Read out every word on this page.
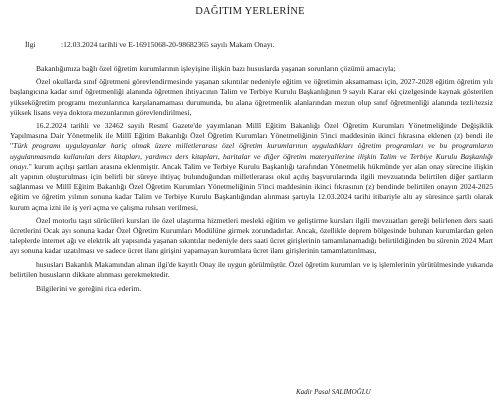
DAĞITIM YERLERİNE
İlgi	:12.03.2024 tarihli ve E-16915068-20-98682365 sayılı Makam Onayı.

Bakanlığımıza bağlı özel öğretim kurumlarının işleyişine ilişkin bazı hususlarda yaşanan sorunların çözümü amacıyla;

Özel okullarda sınıf öğretmeni görevlendirmesinde yaşanan sıkıntılar nedeniyle eğitim ve öğretimin aksamaması için, 2027-2028 eğitim öğretim yılı başlangıcına kadar sınıf öğretmenliği alanında öğretmen ihtiyacının Talim ve Terbiye Kurulu Başkanlığının 9 sayılı Karar eki çizelgesinde kaynak gösterilen yükseköğretim programı mezunlarınca karşılanamaması durumunda, bu alana öğretmenlik alanlarından mezun olup sınıf öğretmenliği alanında tezli/tezsiz yüksek lisans veya doktora mezunlarının görevlendirilmesi,

16.2.2024 tarihli ve 32462 sayılı Resmî Gazete'de yayımlanan Millî Eğitim Bakanlığı Özel Öğretim Kurumları Yönetmeliğinde Değişiklik Yapılmasına Dair Yönetmelik ile Millî Eğitim Bakanlığı Özel Öğretim Kurumları Yönetmeliğinin 5'inci maddesinin ikinci fıkrasına eklenen (z) bendi ile "Türk programı uygulayanlar hariç olmak üzere milletlerarası özel öğretim kurumlarının uyguladıkları öğretim programları ve bu programların uygulanmasında kullanılan ders kitapları, yardımcı ders kitapları, haritalar ve diğer öğretim materyallerine ilişkin Talim ve Terbiye Kurulu Başkanlığı onayı." kurum açılışı şartları arasına eklenmiştir. Ancak Talim ve Terbiye Kurulu Başkanlığı tarafından Yönetmelik hükmünde yer alan onay sürecine ilişkin alt yapının oluşturulması için belirli bir süreye ihtiyaç bulunduğundan milletlerarası okul açılış başvurularında ilgili mevzuatında belirtilen diğer şartların sağlanması ve Millî Eğitim Bakanlığı Özel Öğretim Kurumları Yönetmeliğinin 5'inci maddesinin ikinci fıkrasının (z) bendinde belirtilen onayın 2024-2025 eğitim ve öğretim yılının sonuna kadar Talim ve Terbiye Kurulu Başkanlığından alınması şartıyla 12.03.2024 tarihi itibariyle altı ay süresince şartlı olarak kurum açma izni ile iş yeri açma ve çalışma ruhsatı verilmesi,

Özel motorlu taşıt sürücüleri kursları ile özel ulaştırma hizmetleri mesleki eğitim ve geliştirme kursları ilgili mevzuatları gereği belirlenen ders saati ücretlerini Ocak ayı sonuna kadar Özel Öğretim Kurumları Modülüne girmek zorundadırlar. Ancak, özellikle deprem bölgesinde bulunan kurumlardan gelen taleplerde internet ağı ve elektrik alt yapısında yaşanan sıkıntılar nedeniyle ders saati ücret girişlerinin tamamlanamadığı belirtildiğinden bu sürenin 2024 Mart ayı sonuna kadar uzatılması ve sadece ücret ilanı girişini yapamayan kurumlara ücret ilanı girişlerinin tamamlattırılması,

hususları Bakanlık Makamından alınan ilgi'de kayıtlı Onay ile uygun görülmüştür. Özel öğretim kurumları ve iş işlemlerinin yürütülmesinde yukarıda belirtilen hususların dikkate alınması gerekmektedir.

Bilgilerini ve gereğini rica ederim.

Kadir Pasal SALIMOĞLU
